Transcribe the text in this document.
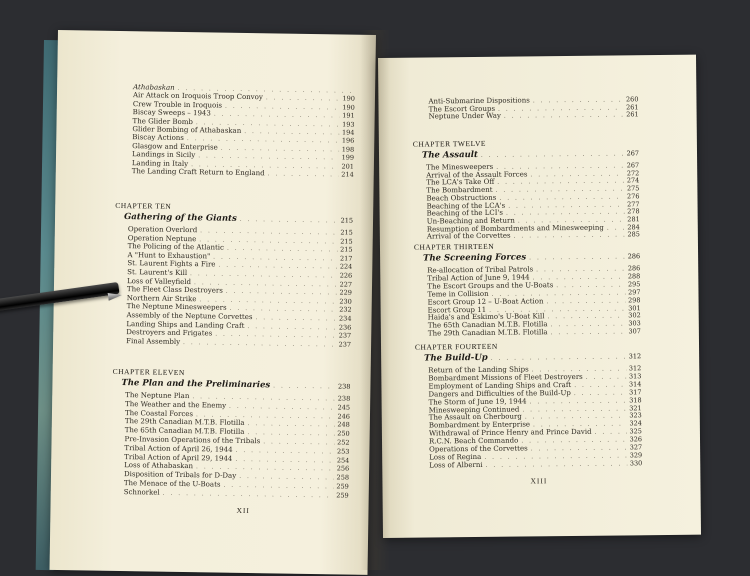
Athabaskan
. . .
Air Attack on Iroquois Troop Convoy . . .	190
Crew Trouble in Iroquois . . .	190
Biscay Sweeps – 1943 . . .	191
The Glider Bomb . . .	193
Glider Bombing of Athabaskan . . .	194
Biscay Actions . . .	196
Glasgow and Enterprise . . .	198
Landings in Sicily . . .	199
Landing in Italy . . .	201
The Landing Craft Return to England . . .	214
CHAPTER TEN
Gathering of the Giants . . .	215
Operation Overlord . . .	215
Operation Neptune . . .	215
The Policing of the Atlantic . . .	215
A "Hunt to Exhaustion" . . .	217
St. Laurent Fights a Fire . . .	224
St. Laurent's Kill . . .	226
Loss of Valleyfield . . .	227
The Fleet Class Destroyers . . .	229
Northern Air Strike . . .	230
The Neptune Minesweepers . . .	232
Assembly of the Neptune Corvettes . . .	234
Landing Ships and Landing Craft . . .	236
Destroyers and Frigates . . .	237
Final Assembly . . .	237
CHAPTER ELEVEN
The Plan and the Preliminaries . . .	238
The Neptune Plan . . .	238
The Weather and the Enemy . . .	245
The Coastal Forces . . .	246
The 29th Canadian M.T.B. Flotilla . . .	248
The 65th Canadian M.T.B. Flotilla . . .	250
Pre-Invasion Operations of the Tribals . . .	252
Tribal Action of April 26, 1944 . . .	253
Tribal Action of April 29, 1944 . . .	254
Loss of Athabaskan . . .	256
Disposition of Tribals for D-Day . . .	258
The Menace of the U-Boats . . .	259
Schnorkel . . .	259
XII
Anti-Submarine Dispositions . . .	260
The Escort Groups . . .	261
Neptune Under Way . . .	261
CHAPTER TWELVE
The Assault . . .	267
The Minesweepers . . .	267
Arrival of the Assault Forces . . .	272
The LCA's Take Off . . .	274
The Bombardment . . .	275
Beach Obstructions . . .	276
Beaching of the LCA's . . .	277
Beaching of the LCI's . . .	278
Un-Beaching and Return . . .	281
Resumption of Bombardments and Minesweeping . . .	284
Arrival of the Corvettes . . .	285
CHAPTER THIRTEEN
The Screening Forces . . .	286
Re-allocation of Tribal Patrols . . .	286
Tribal Action of June 9, 1944 . . .	288
The Escort Groups and the U-Boats . . .	295
Teme in Collision . . .	297
Escort Group 12 – U-Boat Action . . .	298
Escort Group 11 . . .	301
Haida's and Eskimo's U-Boat Kill . . .	302
The 65th Canadian M.T.B. Flotilla . . .	303
The 29th Canadian M.T.B. Flotilla . . .	307
CHAPTER FOURTEEN
The Build-Up . . .	312
Return of the Landing Ships . . .	312
Bombardment Missions of Fleet Destroyers . . .	313
Employment of Landing Ships and Craft . . .	314
Dangers and Difficulties of the Build-Up . . .	317
The Storm of June 19, 1944 . . .	318
Minesweeping Continued . . .	321
The Assault on Cherbourg . . .	323
Bombardment by Enterprise . . .	324
Withdrawal of Prince Henry and Prince David . . .	325
R.C.N. Beach Commando . . .	326
Operations of the Corvettes . . .	327
Loss of Regina . . .	329
Loss of Alberni . . .	330
XIII
